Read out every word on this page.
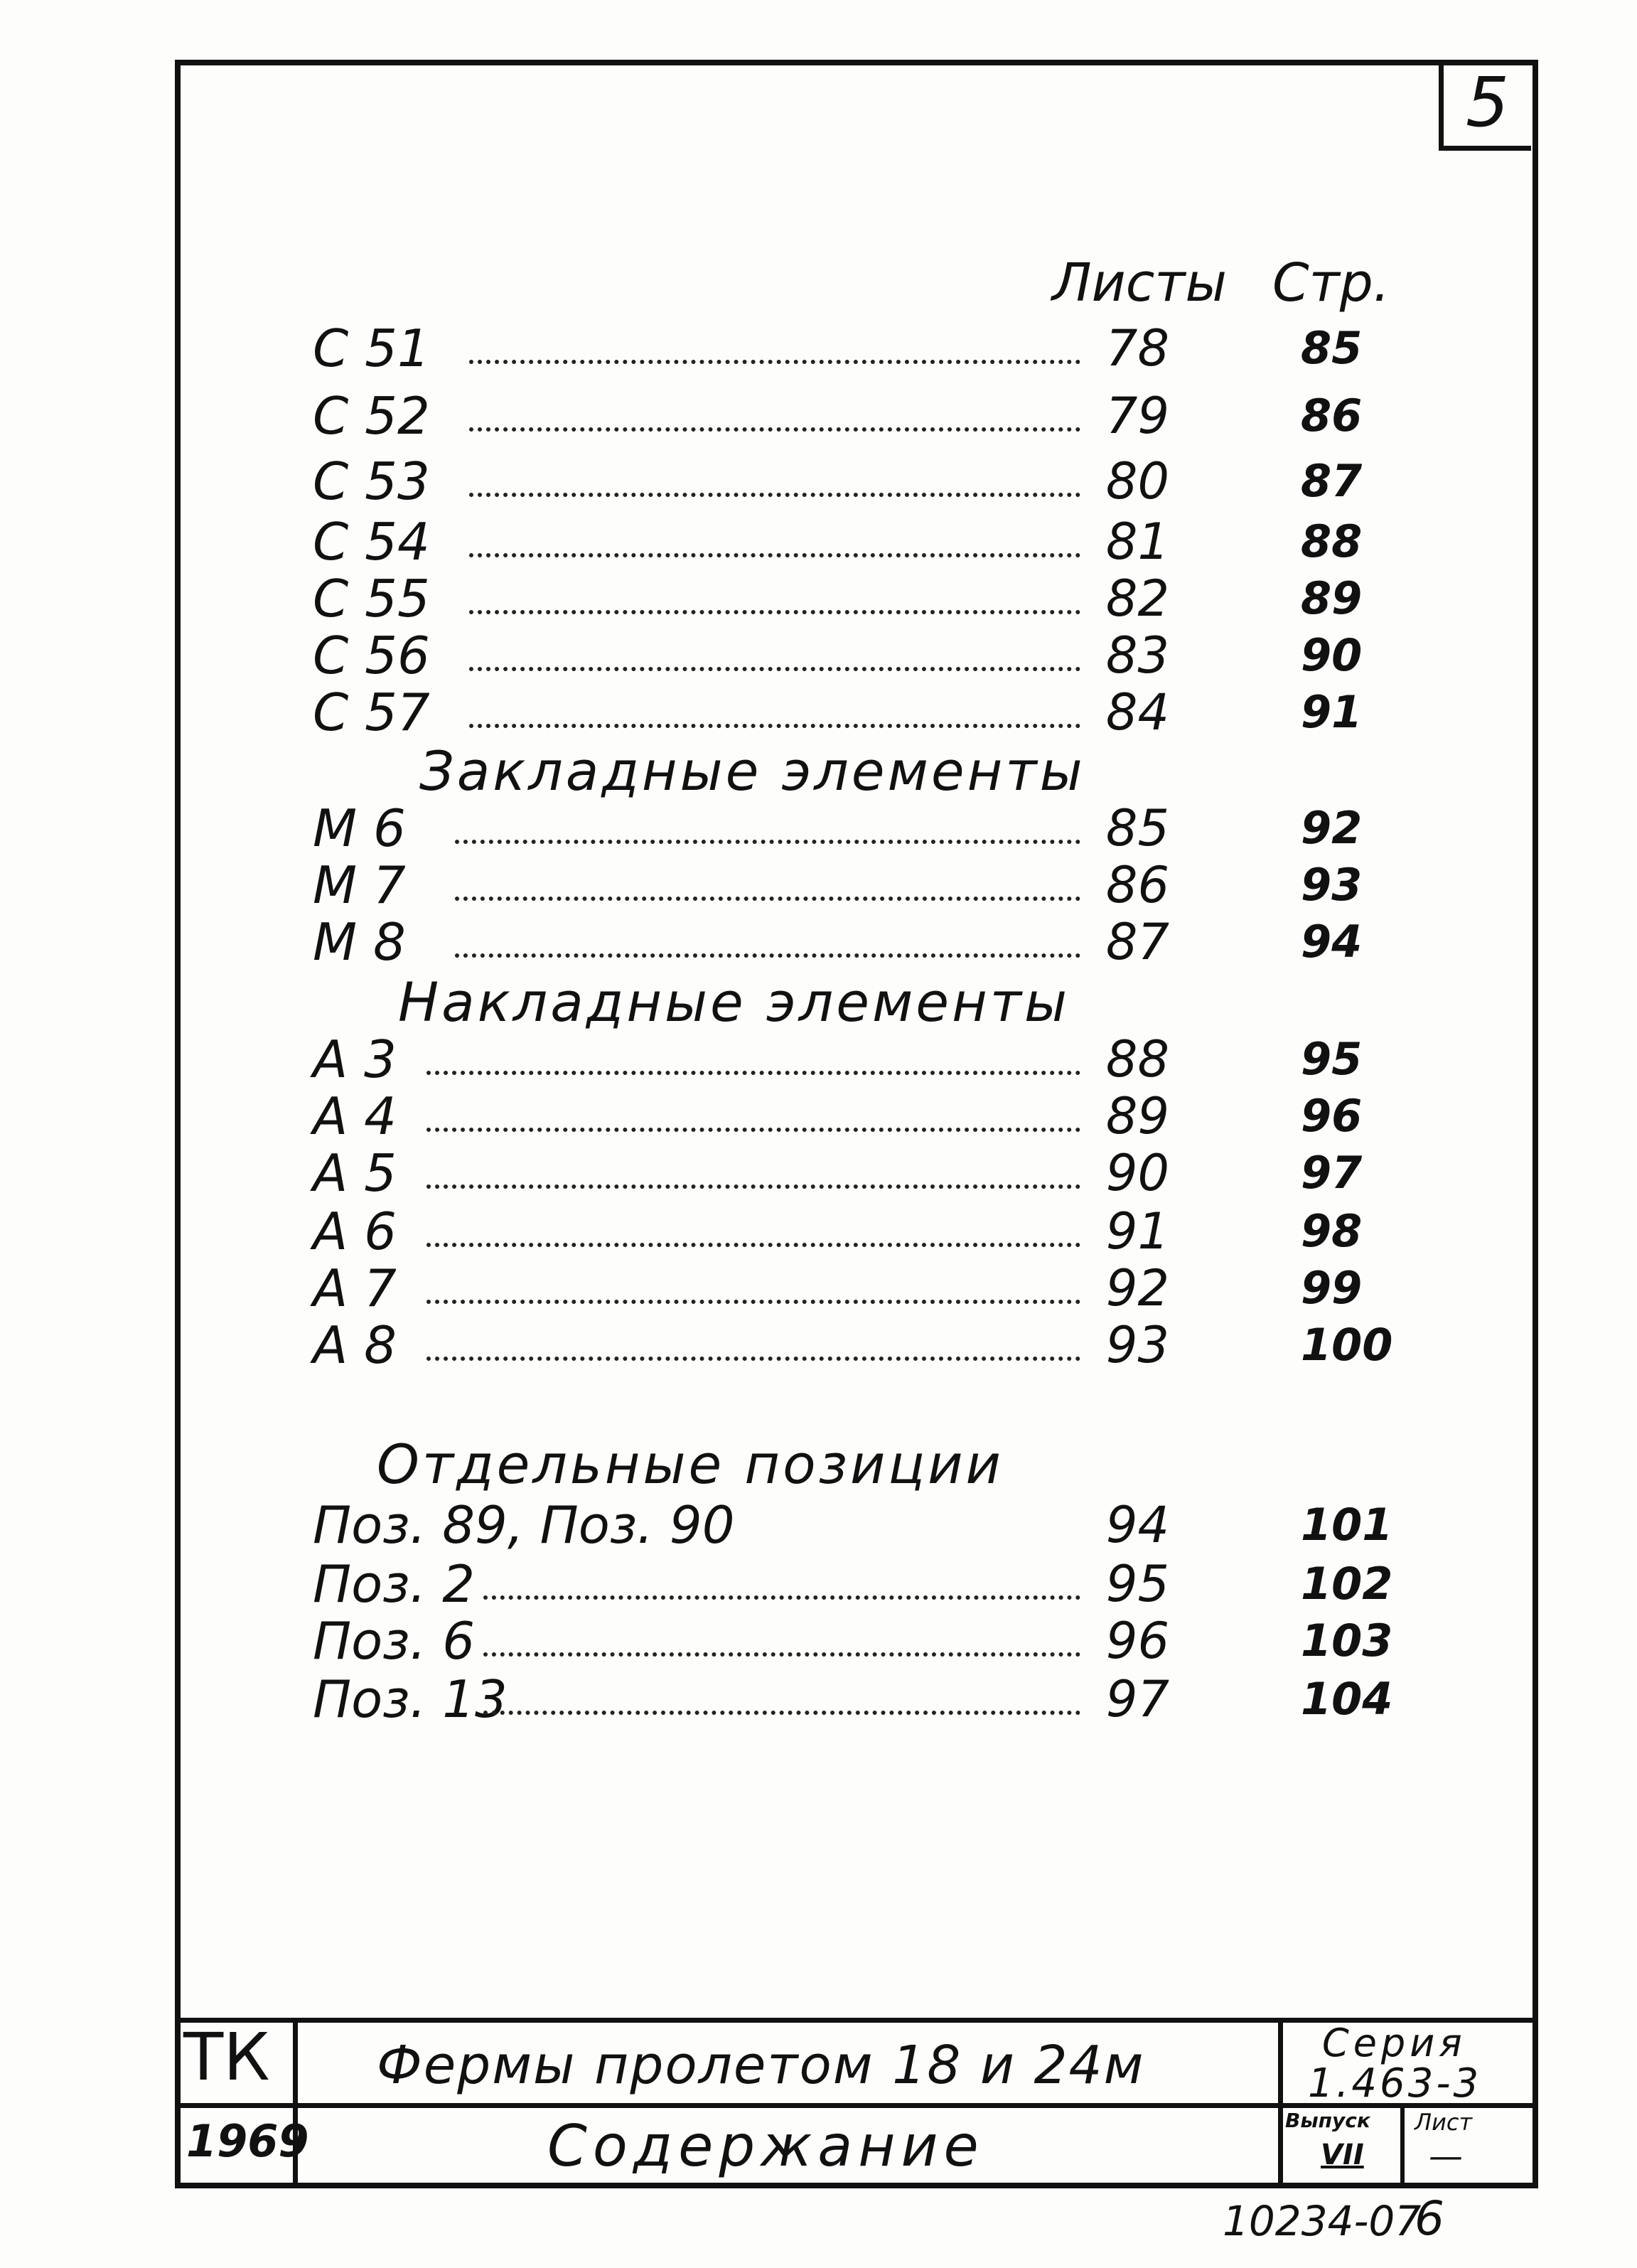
5
Листы Стр.
С 51	78	85
С 52	79	86
С 53	80	87
С 54	81	88
С 55	82	89
С 56	83	90
С 57	84	91
Закладные элементы
М 6	85	92
М 7	86	93
М 8	87	94
Накладные элементы
А 3	88	95
А 4	89	96
А 5	90	97
А 6	91	98
А 7	92	99
А 8	93	100
Отдельные позиции
Поз. 89, Поз. 90	94	101
Поз. 2	95	102
Поз. 6	96	103
Поз. 13	97	104
ТК
1969
Фермы пролетом 18 и 24м
Содержание
Серия
1.463-3
Выпуск
VII
Лист
—
10234-07
6
